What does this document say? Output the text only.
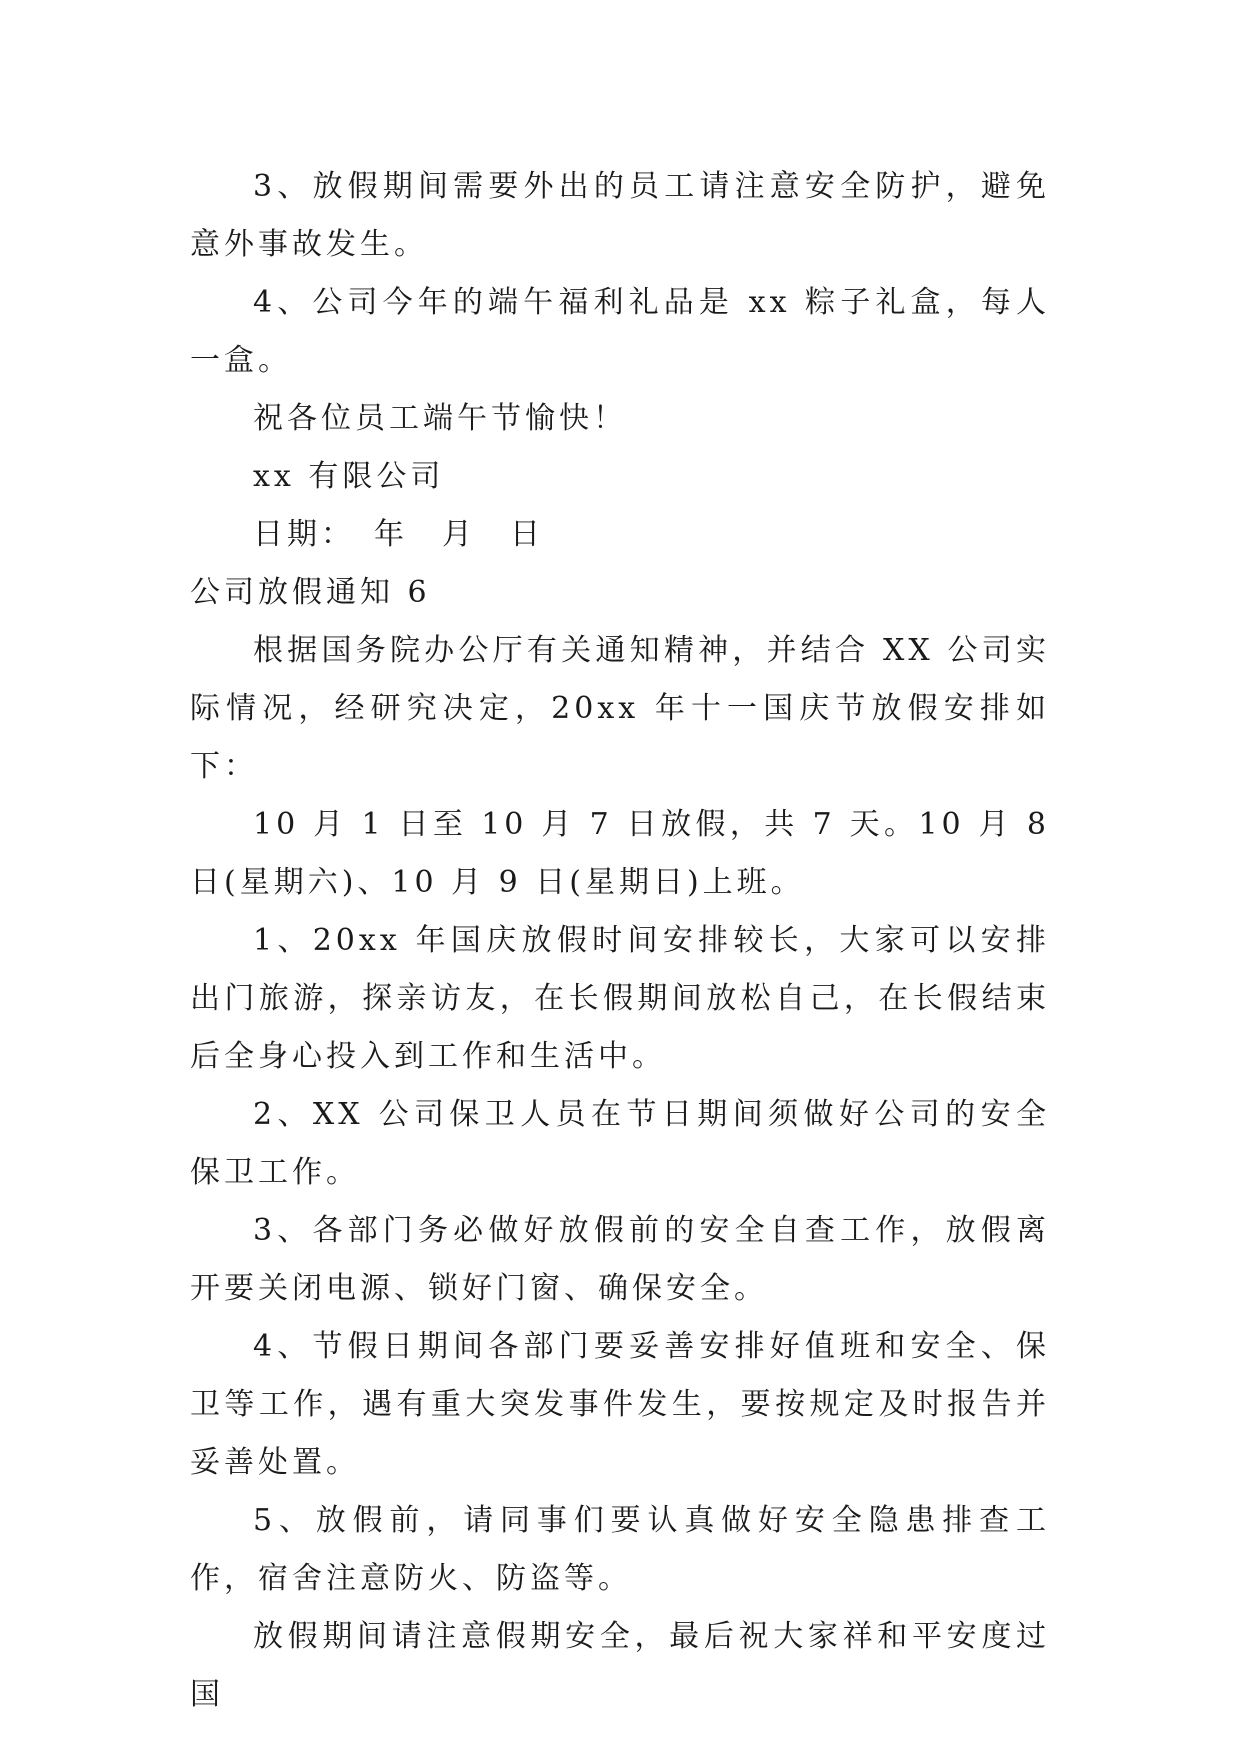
3、放假期间需要外出的员工请注意安全防护，避免意外事故发生。

4、公司今年的端午福利礼品是 xx 粽子礼盒，每人一盒。

祝各位员工端午节愉快！

xx 有限公司

日期：　年　月　日

公司放假通知 6

根据国务院办公厅有关通知精神，并结合 XX 公司实际情况，经研究决定，20xx 年十一国庆节放假安排如下：

10 月 1 日至 10 月 7 日放假，共 7 天。10 月 8 日(星期六)、10 月 9 日(星期日)上班。

1、20xx 年国庆放假时间安排较长，大家可以安排出门旅游，探亲访友，在长假期间放松自己，在长假结束后全身心投入到工作和生活中。

2、XX 公司保卫人员在节日期间须做好公司的安全保卫工作。

3、各部门务必做好放假前的安全自查工作，放假离开要关闭电源、锁好门窗、确保安全。

4、节假日期间各部门要妥善安排好值班和安全、保卫等工作，遇有重大突发事件发生，要按规定及时报告并妥善处置。

5、放假前，请同事们要认真做好安全隐患排查工作，宿舍注意防火、防盗等。

放假期间请注意假期安全，最后祝大家祥和平安度过国
